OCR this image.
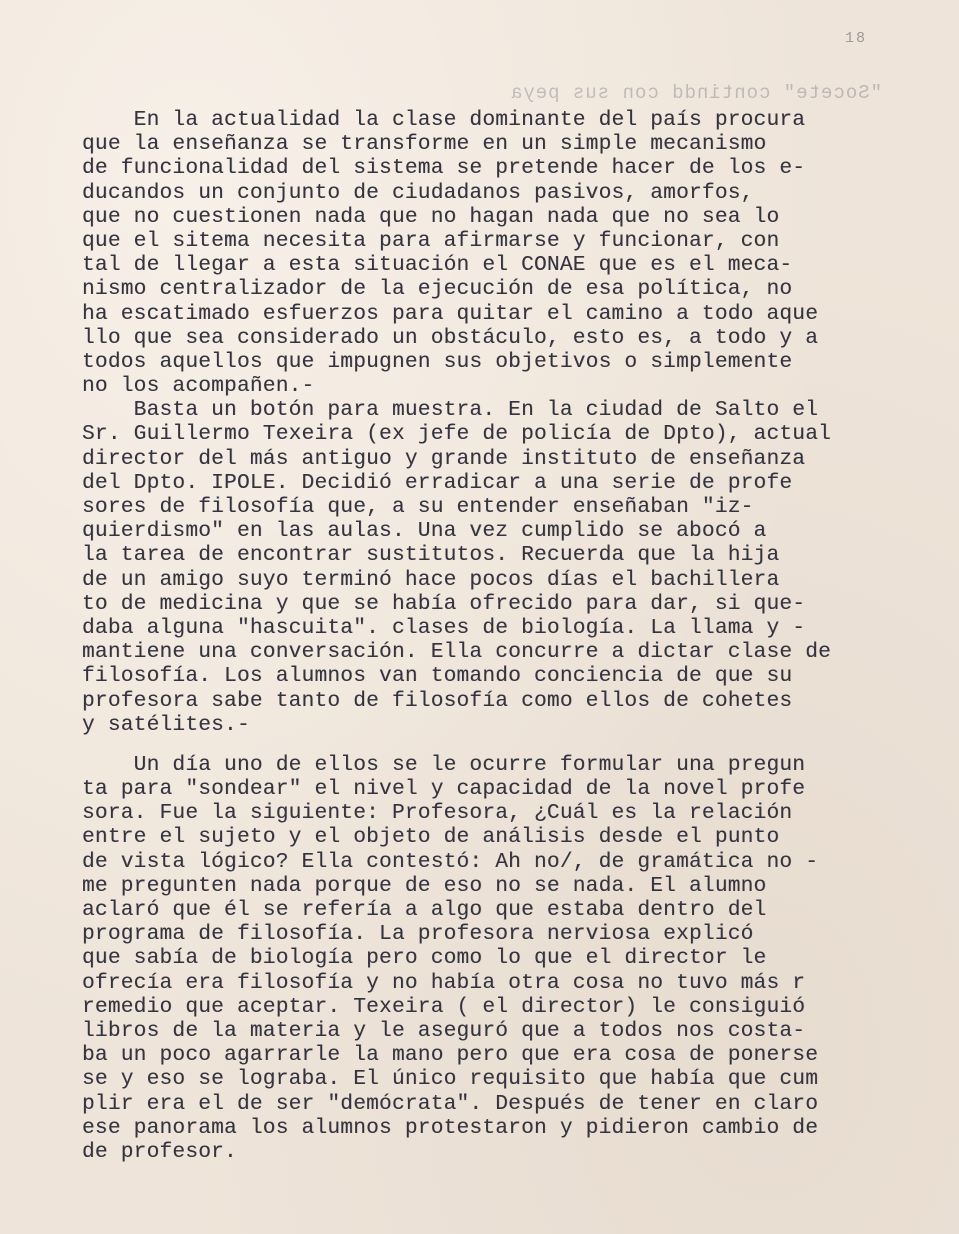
18
"Socete" contindd con sus peya
En la actualidad la clase dominante del país procura
que la enseñanza se transforme en un simple mecanismo
de funcionalidad del sistema se pretende hacer de los e-
ducandos un conjunto de ciudadanos pasivos, amorfos,
que no cuestionen nada que no hagan nada que no sea lo
que el sitema necesita para afirmarse y funcionar, con
tal de llegar a esta situación el CONAE que es el meca-
nismo centralizador de la ejecución de esa política, no
ha escatimado esfuerzos para quitar el camino a todo aque
llo que sea considerado un obstáculo, esto es, a todo y a
todos aquellos que impugnen sus objetivos o simplemente
no los acompañen.-
Basta un botón para muestra. En la ciudad de Salto el
Sr. Guillermo Texeira (ex jefe de policía de Dpto), actual
director del más antiguo y grande instituto de enseñanza
del Dpto. IPOLE. Decidió erradicar a una serie de profe
sores de filosofía que, a su entender enseñaban "iz-
quierdismo" en las aulas. Una vez cumplido se abocó a
la tarea de encontrar sustitutos. Recuerda que la hija
de un amigo suyo terminó hace pocos días el bachillera
to de medicina y que se había ofrecido para dar, si que-
daba alguna "hascuita". clases de biología. La llama y -
mantiene una conversación. Ella concurre a dictar clase de
filosofía. Los alumnos van tomando conciencia de que su
profesora sabe tanto de filosofía como ellos de cohetes
y satélites.-
Un día uno de ellos se le ocurre formular una pregun
ta para "sondear" el nivel y capacidad de la novel profe
sora. Fue la siguiente: Profesora, ¿Cuál es la relación
entre el sujeto y el objeto de análisis desde el punto
de vista lógico? Ella contestó: Ah no/, de gramática no -
me pregunten nada porque de eso no se nada. El alumno
aclaró que él se refería a algo que estaba dentro del
programa de filosofía. La profesora nerviosa explicó
que sabía de biología pero como lo que el director le
ofrecía era filosofía y no había otra cosa no tuvo más r
remedio que aceptar. Texeira ( el director) le consiguió
libros de la materia y le aseguró que a todos nos costa-
ba un poco agarrarle la mano pero que era cosa de ponerse
se y eso se lograba. El único requisito que había que cum
plir era el de ser "demócrata". Después de tener en claro
ese panorama los alumnos protestaron y pidieron cambio de
de profesor.
